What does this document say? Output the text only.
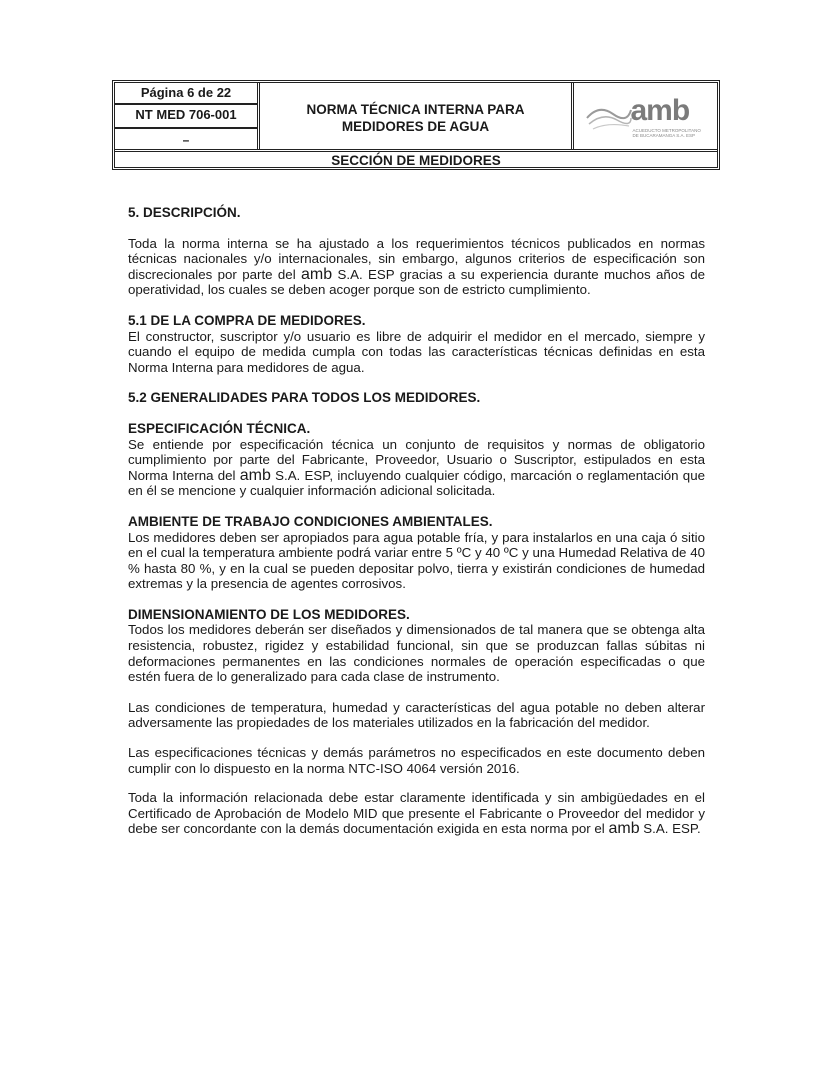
Página 6 de 22
NT MED 706-001
–
NORMA TÉCNICA INTERNA PARA
MEDIDORES DE AGUA	amb
ACUEDUCTO METROPOLITANO DE BUCARAMANGA S.A. ESP
SECCIÓN DE MEDIDORES

5. DESCRIPCIÓN.

Toda la norma interna se ha ajustado a los requerimientos técnicos publicados en normas técnicas nacionales y/o internacionales, sin embargo, algunos criterios de especificación son discrecionales por parte del amb S.A. ESP gracias a su experiencia durante muchos años de operatividad, los cuales se deben acoger porque son de estricto cumplimiento.

5.1 DE LA COMPRA DE MEDIDORES.

El constructor, suscriptor y/o usuario es libre de adquirir el medidor en el mercado, siempre y cuando el equipo de medida cumpla con todas las características técnicas definidas en esta Norma Interna para medidores de agua.

5.2 GENERALIDADES PARA TODOS LOS MEDIDORES.

ESPECIFICACIÓN TÉCNICA.

Se entiende por especificación técnica un conjunto de requisitos y normas de obligatorio cumplimiento por parte del Fabricante, Proveedor, Usuario o Suscriptor, estipulados en esta Norma Interna del amb S.A. ESP, incluyendo cualquier código, marcación o reglamentación que en él se mencione y cualquier información adicional solicitada.

AMBIENTE DE TRABAJO CONDICIONES AMBIENTALES.

Los medidores deben ser apropiados para agua potable fría, y para instalarlos en una caja ó sitio en el cual la temperatura ambiente podrá variar entre 5 ºC y 40 ºC y una Humedad Relativa de 40 % hasta 80 %, y en la cual se pueden depositar polvo, tierra y existirán condiciones de humedad extremas y la presencia de agentes corrosivos.

DIMENSIONAMIENTO DE LOS MEDIDORES.

Todos los medidores deberán ser diseñados y dimensionados de tal manera que se obtenga alta resistencia, robustez, rigidez y estabilidad funcional, sin que se produzcan fallas súbitas ni deformaciones permanentes en las condiciones normales de operación especificadas o que estén fuera de lo generalizado para cada clase de instrumento.

Las condiciones de temperatura, humedad y características del agua potable no deben alterar adversamente las propiedades de los materiales utilizados en la fabricación del medidor.

Las especificaciones técnicas y demás parámetros no especificados en este documento deben cumplir con lo dispuesto en la norma NTC-ISO 4064 versión 2016.

Toda la información relacionada debe estar claramente identificada y sin ambigüedades en el Certificado de Aprobación de Modelo MID que presente el Fabricante o Proveedor del medidor y debe ser concordante con la demás documentación exigida en esta norma por el amb S.A. ESP.
